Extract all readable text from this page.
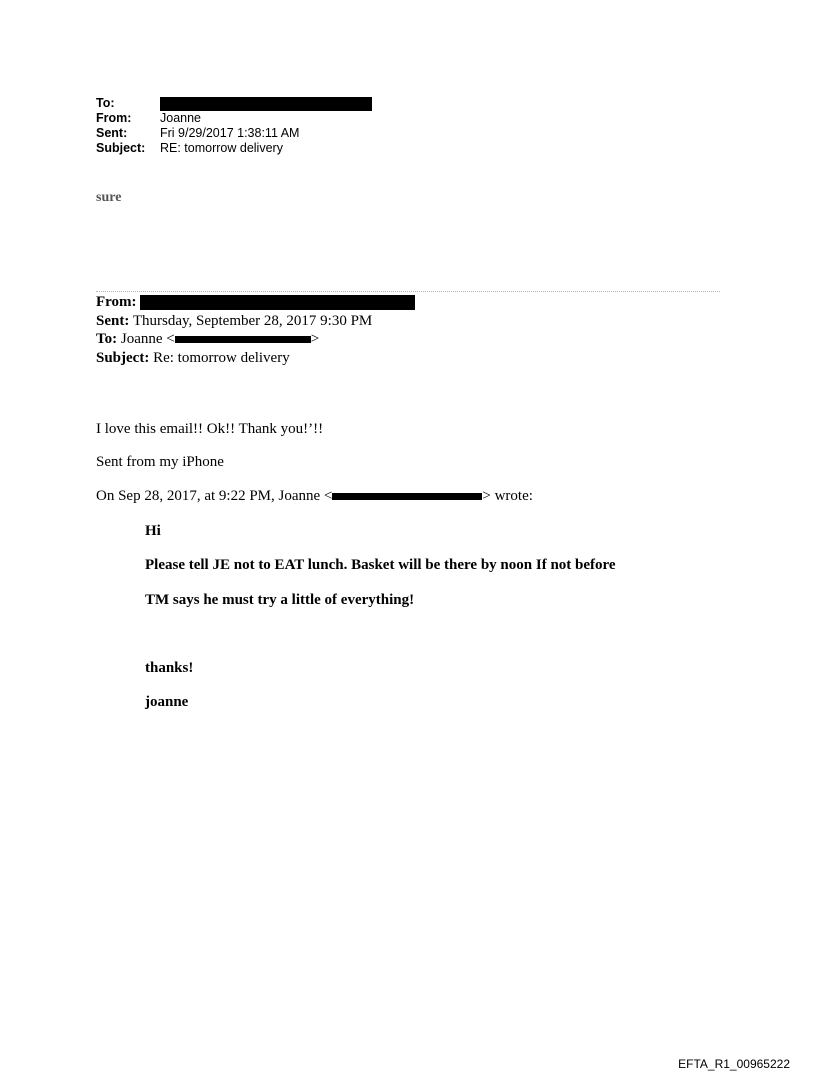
To:
From:	Joanne
Sent:	Fri 9/29/2017 1:38:11 AM
Subject:	RE: tomorrow delivery
sure
From:
Sent: Thursday, September 28, 2017 9:30 PM
To: Joanne <	>
Subject: Re: tomorrow delivery
I love this email!! Ok!! Thank you!’!!
Sent from my iPhone
On Sep 28, 2017, at 9:22 PM, Joanne <	> wrote:
Hi
Please tell JE not to EAT lunch. Basket will be there by noon If not before
TM says he must try a little of everything!
thanks!
joanne
EFTA_R1_00965222
